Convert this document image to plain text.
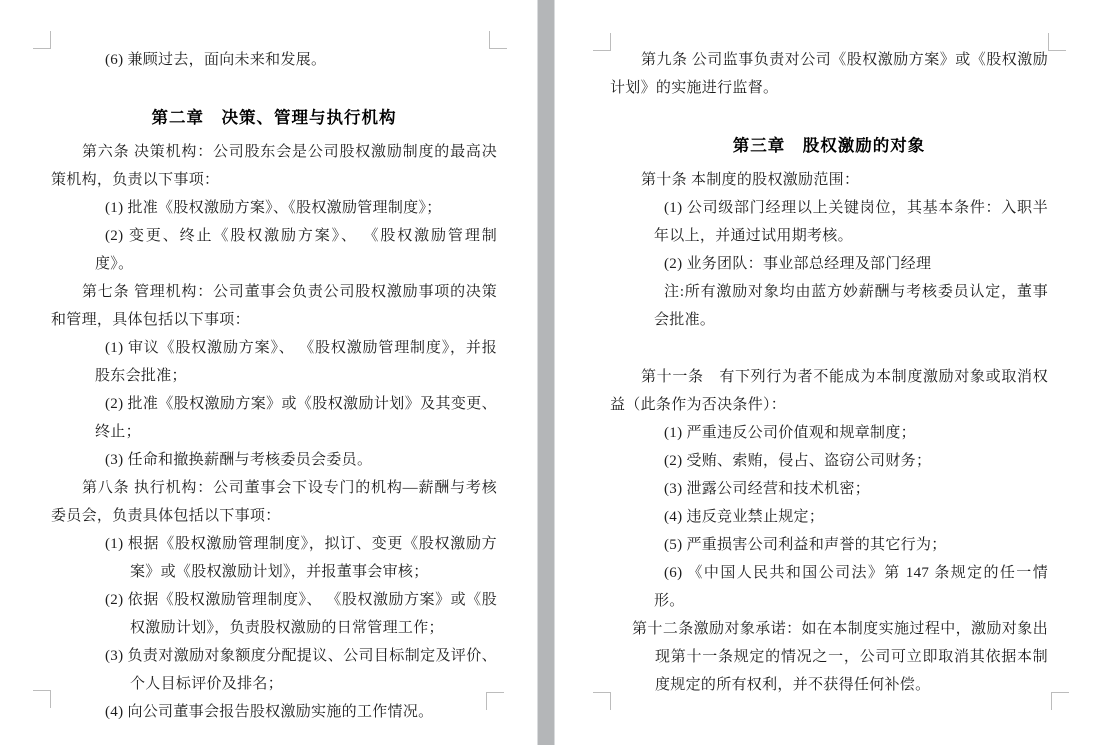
(6) 兼顾过去，面向未来和发展。

第二章　决策、管理与执行机构

第六条 决策机构：公司股东会是公司股权激励制度的最高决策机构，负责以下事项：

(1) 批准《股权激励方案》、《股权激励管理制度》；

(2) 变更、终止《股权激励方案》、 《股权激励管理制度》。

第七条 管理机构：公司董事会负责公司股权激励事项的决策和管理，具体包括以下事项：

(1) 审议《股权激励方案》、 《股权激励管理制度》，并报股东会批准；

(2) 批准《股权激励方案》或《股权激励计划》及其变更、终止；

(3) 任命和撤换薪酬与考核委员会委员。

第八条 执行机构：公司董事会下设专门的机构—薪酬与考核委员会，负责具体包括以下事项：

(1) 根据《股权激励管理制度》，拟订、变更《股权激励方案》或《股权激励计划》，并报董事会审核；

(2) 依据《股权激励管理制度》、 《股权激励方案》或《股权激励计划》，负责股权激励的日常管理工作；

(3) 负责对激励对象额度分配提议、公司目标制定及评价、个人目标评价及排名；

(4) 向公司董事会报告股权激励实施的工作情况。

第九条 公司监事负责对公司《股权激励方案》或《股权激励计划》的实施进行监督。

第三章　股权激励的对象

第十条 本制度的股权激励范围：

(1) 公司级部门经理以上关键岗位，其基本条件：入职半年以上，并通过试用期考核。

(2) 业务团队：事业部总经理及部门经理

注:所有激励对象均由蓝方妙薪酬与考核委员认定，董事会批准。

第十一条　有下列行为者不能成为本制度激励对象或取消权益（此条作为否决条件）：

(1) 严重违反公司价值观和规章制度；

(2) 受贿、索贿，侵占、盗窃公司财务；

(3) 泄露公司经营和技术机密；

(4) 违反竞业禁止规定；

(5) 严重损害公司利益和声誉的其它行为；

(6) 《中国人民共和国公司法》第 147 条规定的任一情形。

第十二条激励对象承诺：如在本制度实施过程中，激励对象出现第十一条规定的情况之一，公司可立即取消其依据本制度规定的所有权利，并不获得任何补偿。
